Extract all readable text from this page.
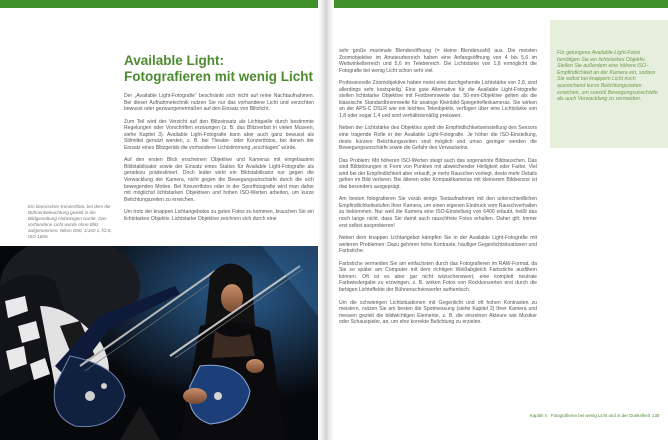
Available Light: Fotografieren mit wenig Licht

Der „Available Light-Fotografie“ beschränkt sich nicht auf reine Nachtaufnahmen. Bei dieser Aufnahmetechnik nutzen Sie nur das vorhandene Licht und verzichten bewusst oder gezwungenermaßen auf den Einsatz von Blitzlicht.

Zum Teil wird der Verzicht auf den Blitzeinsatz als Lichtquelle durch bestimmte Regelungen oder Vorschriften erzwungen (z. B. das Blitzverbot in vielen Museen, siehe Kapitel 3). Available Light-Fotografie kann aber auch ganz bewusst als Stilmittel genutzt werden, z. B. bei Theater- oder Konzertfotos, bei denen der Einsatz eines Blitzgeräts die vorhandene Lichtstimmung „erschlagen“ würde.

Auf den ersten Blick erscheinen Objektive und Kameras mit eingebautem Bildstabilisator sowie der Einsatz eines Stativs für Available Light-Fotografie als geradezu prädestiniert. Doch leider wirkt ein Bildstabilisator nur gegen die Verwacklung der Kamera, nicht gegen die Bewegungsunschärfe durch die sich bewegenden Motive. Bei Konzertfotos oder in der Sportfotografie wird man daher mit möglichst lichtstarken Objektiven und hohen ISO-Werten arbeiten, um kurze Belichtungszeiten zu erreichen.

Um trotz der knappen Lichtangebotes zu guten Fotos zu kommen, brauchen Sie ein lichtstarkes Objektiv. Lichtstarke Objektive zeichnen sich durch eine

Ein klassisches Konzertfoto, bei dem die Bühnenbeleuchtung gezielt in die Bildgestaltung einbezogen wurde. Das vorhandene Licht wurde ohne Blitz aufgenommen. Nikon D90, 1/160 s, f/2.8, ISO 1600.

sehr große maximale Blendenöffnung (= kleine Blendenzahl) aus. Die meisten Zoomobjektive im Amateurbereich haben eine Anfangsöffnung von 4 bis 5,6 im Weitwinkelbereich und 5,6 im Telebereich. Die Lichtstärke von 1,8 ermöglicht die Fotografie bei wenig Licht schon sehr viel.

Professionelle Zoomobjektive haben meist eine durchgehende Lichtstärke von 2,8, sind allerdings sehr kostspielig. Eine gute Alternative für die Available Light-Fotografie stellen lichtstarke Objektive mit Festbrennweite dar. 50-mm-Objektive gelten als die klassische Standardbrennweite für analoge Kleinbild-Spiegelreflexkameras. Sie wirken an der APS-C DSLR wie ein leichtes Teleobjektiv, verfügen über eine Lichtstärke von 1,8 oder sogar 1,4 und sind verhältnismäßig preiswert.

Neben der Lichtstärke des Objektivs spielt die Empfindlichkeitseinstellung des Sensors eine tragende Rolle in der Available Light-Fotografie. Je höher die ISO-Einstellung, desto kürzere Belichtungszeiten sind möglich und umso geringer werden die Bewegungsunschärfe sowie die Gefahr des Verwackelns.

Das Problem: Mit höheren ISO-Werten steigt auch das sogenannte Bildrauschen. Das sind Bildstörungen in Form von Punkten mit abweichender Helligkeit oder Farbe. Viel wird bei der Empfindlichkeit aber erkauft, je mehr Rauschen vorliegt, desto mehr Details gehen im Bild verloren. Bei älteren oder Kompaktkameras mit kleinerem Bildsensor ist das besonders ausgeprägt.

Am besten fotografieren Sie vorab einige Testaufnahmen mit den unterschiedlichen Empfindlichkeitsstufen Ihrer Kamera, um einen eigenen Eindruck vom Rauschverhalten zu bekommen. Nur weil die Kamera eine ISO-Einstellung von 6400 erlaubt, heißt das noch lange nicht, dass Sie damit auch rauschfreie Fotos erhalten. Daher gilt: Immer erst selbst ausprobieren!

Neben dem knappen Lichtangebot kämpfen Sie in der Available Light-Fotografie mit weiteren Problemen: Dazu gehören hohe Kontraste, häufiger Gegenlichtsituationen und Farbstiche.

Farbstiche vermeiden Sie am einfachsten durch das Fotografieren im RAW-Format, da Sie so später am Computer mit dem richtigen Weißabgleich Farbstiche ausfiltern können. Oft ist es aber gar nicht wünschenswert, eine komplett neutrale Farbwiedergabe zu erzwingen, z. B. wirken Fotos von Rockkonzerten erst durch die farbigen Lichteffekte der Bühnenscheinwerfer authentisch.

Um die schwierigen Lichtsituationen mit Gegenlicht und oft hohen Kontrasten zu meistern, nutzen Sie am besten die Spotmessung (siehe Kapitel 2) Ihrer Kamera und messen gezielt die bildwichtigen Elemente, z. B. die einzelnen Akteure wie Musiker oder Schauspieler, an, um eine korrekte Belichtung zu erzielen.

Für gelungene Available-Light-Fotos benötigen Sie ein lichtstarkes Objektiv. Stellen Sie außerdem eine höhere ISO-Empfindlichkeit an der Kamera ein, sodass Sie selbst bei knappem Licht noch ausreichend kurze Belichtungszeiten erreichen, um sowohl Bewegungsunschärfe als auch Verwacklung zu vermeiden.

Kapitel 4 · Fotografieren bei wenig Licht und in der Dunkelheit 135
